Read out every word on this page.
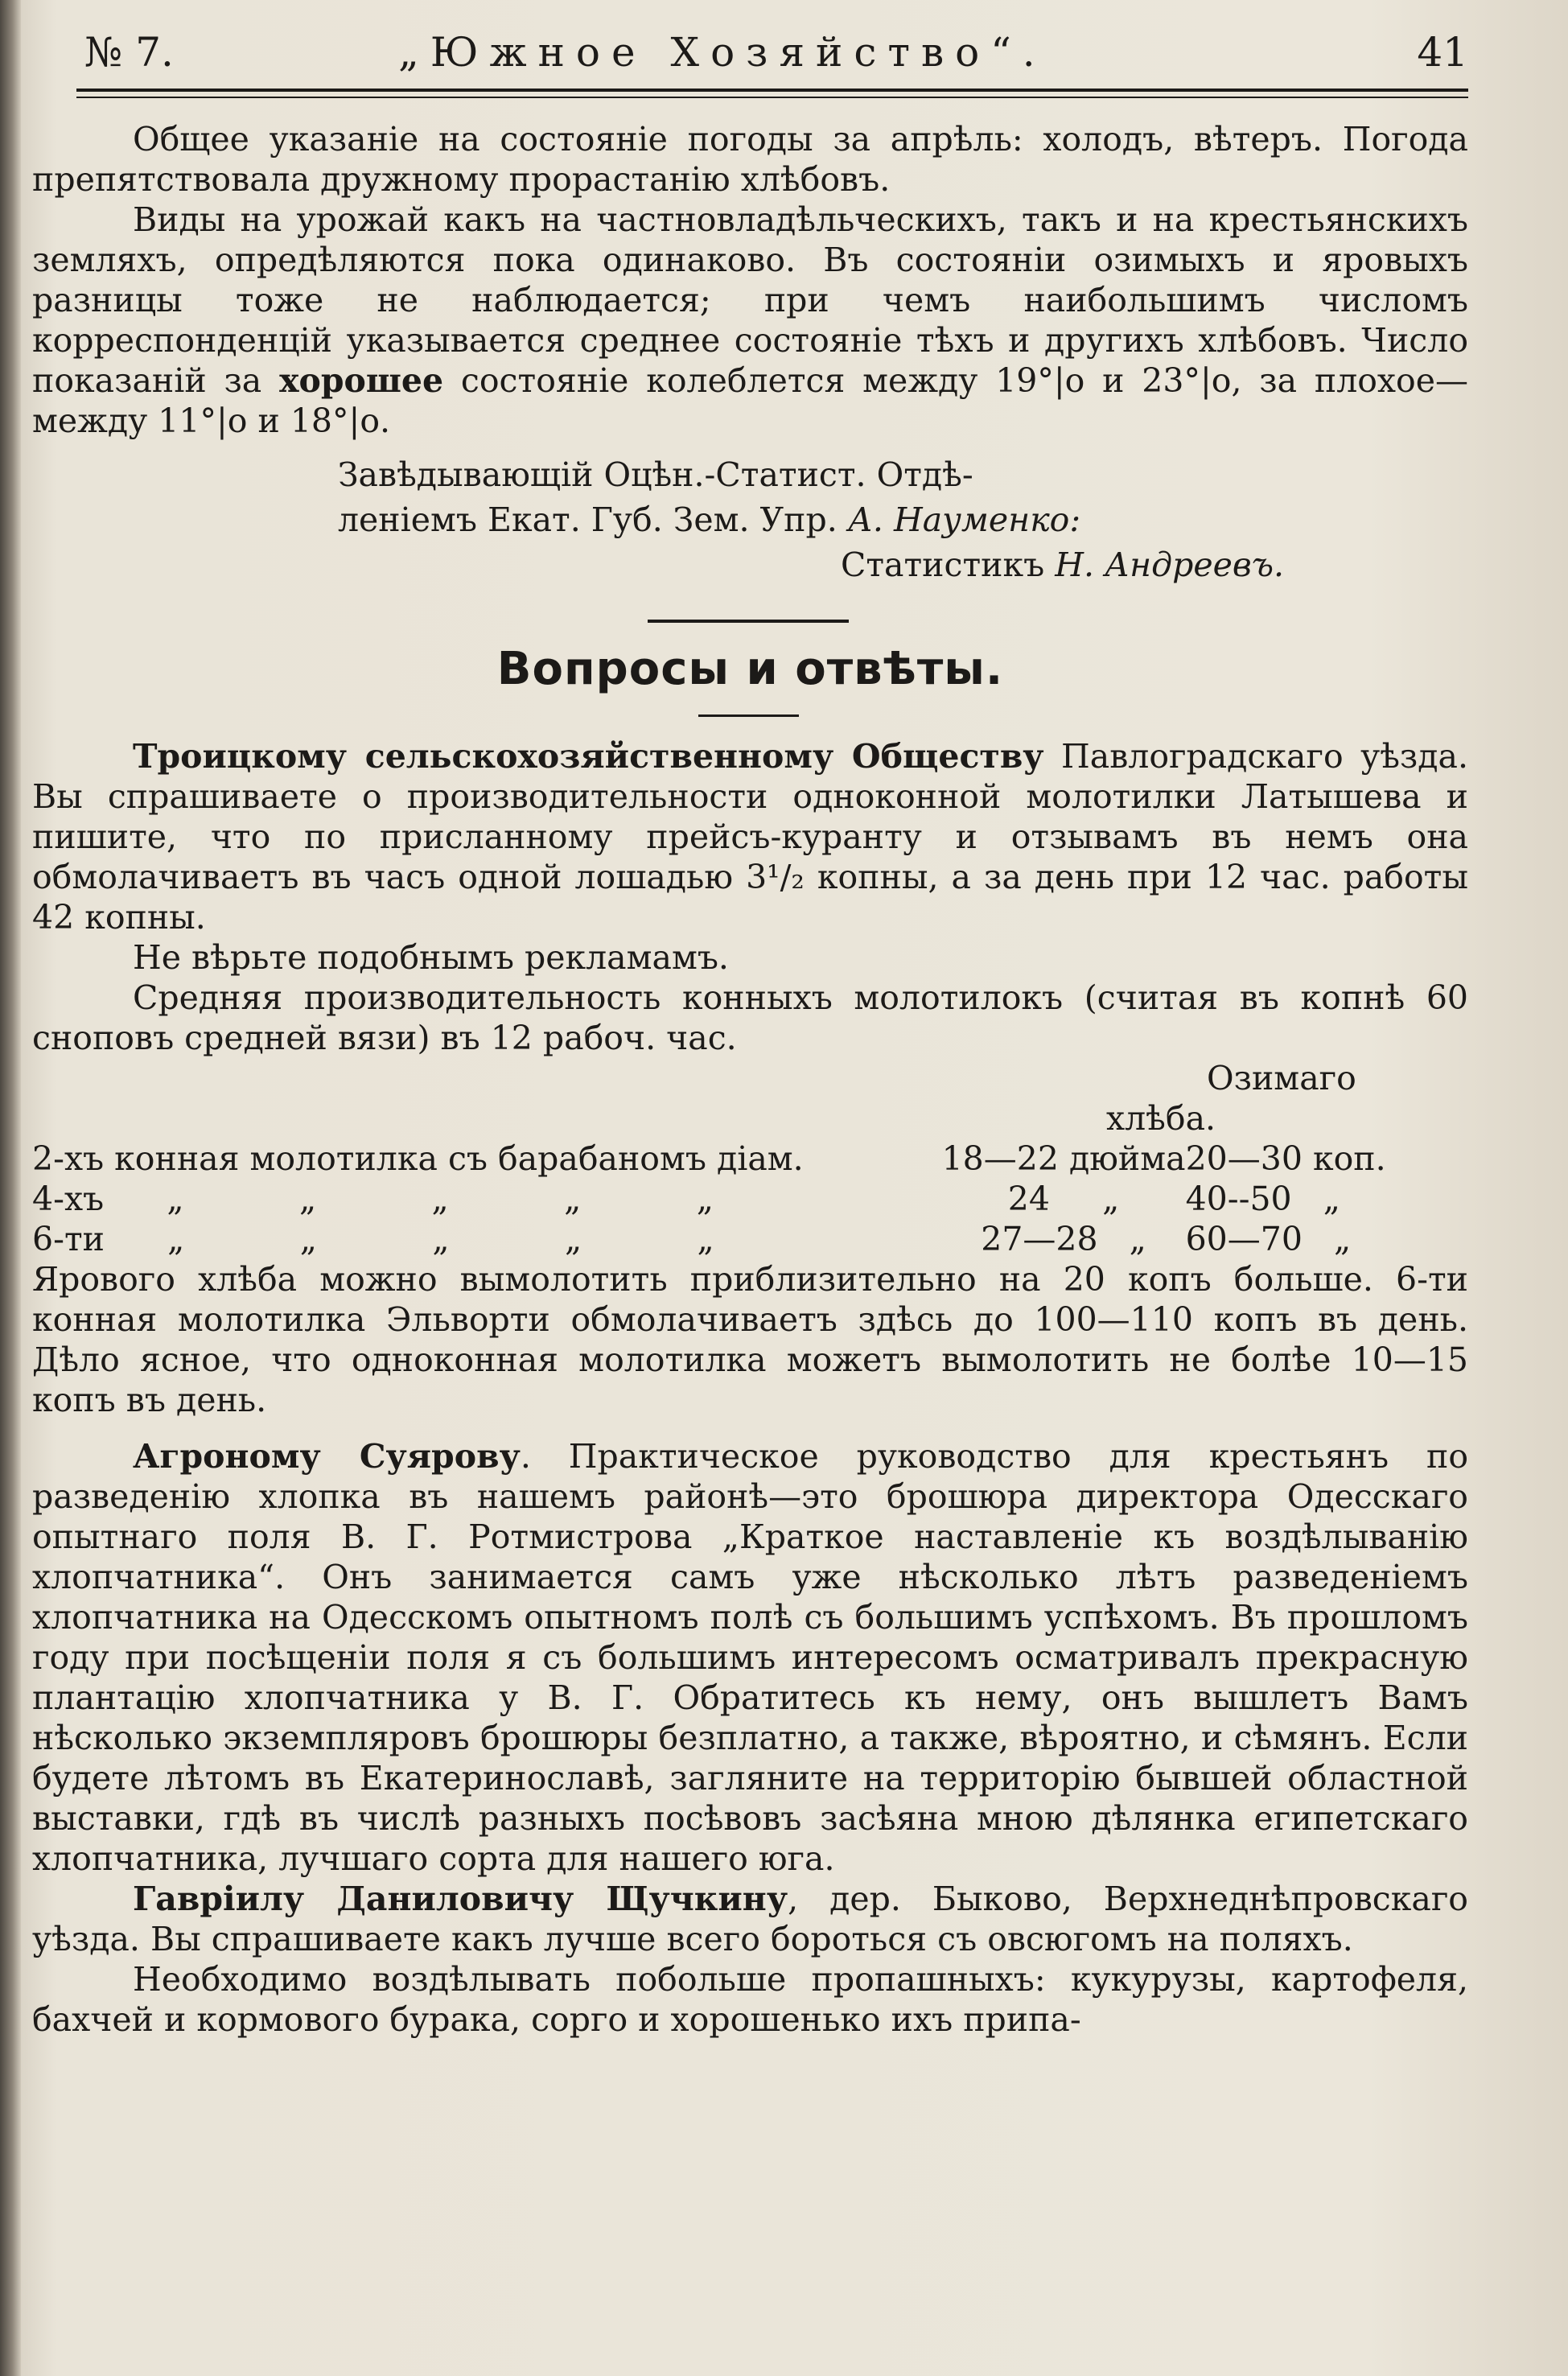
№ 7.	„Южное Хозяйство“.	41

Общее указаніе на состояніе погоды за апрѣль: холодъ, вѣтеръ. Погода препятствовала дружному прорастанію хлѣбовъ.

Виды на урожай какъ на частновладѣльческихъ, такъ и на крестьянскихъ земляхъ, опредѣляются пока одинаково. Въ состояніи озимыхъ и яровыхъ разницы тоже не наблюдается; при чемъ наибольшимъ числомъ корреспонденцій указывается среднее состояніе тѣхъ и другихъ хлѣбовъ. Число показаній за хорошее состояніе колеблется между 19°|о и 23°|о, за плохое—между 11°|о и 18°|о.

Завѣдывающій Оцѣн.-Статист. Отдѣ-

леніемъ Екат. Губ. Зем. Упр. А. Науменко:

Статистикъ Н. Андреевъ.

Вопросы и отвѣты.

Троицкому сельскохозяйственному Обществу Павлоградскаго уѣзда. Вы спрашиваете о производительности одноконной молотилки Латышева и пишите, что по присланному прейсъ-куранту и отзывамъ въ немъ она обмолачиваетъ въ часъ одной лошадью 3¹/₂ копны, а за день при 12 час. работы 42 копны.

Не вѣрьте подобнымъ рекламамъ.

Средняя производительность конныхъ молотилокъ (считая въ копнѣ 60 сноповъ средней вязи) въ 12 рабоч. час.

Озимаго хлѣба.

2-хъ конная молотилка съ барабаномъ діам.	18—22 дюйма	20—30 коп.
4-хъ      „           „           „           „           „	24     „	40--50   „
6-ти      „           „           „           „           „	27—28   „	60—70   „

Ярового хлѣба можно вымолотить приблизительно на 20 копъ больше. 6-ти конная молотилка Эльворти обмолачиваетъ здѣсь до 100—110 копъ въ день. Дѣло ясное, что одноконная молотилка можетъ вымолотить не болѣе 10—15 копъ въ день.

Агроному Суярову. Практическое руководство для крестьянъ по разведенію хлопка въ нашемъ районѣ—это брошюра директора Одесскаго опытнаго поля В. Г. Ротмистрова „Краткое наставленіе къ воздѣлыванію хлопчатника“. Онъ занимается самъ уже нѣсколько лѣтъ разведеніемъ хлопчатника на Одесскомъ опытномъ полѣ съ большимъ успѣхомъ. Въ прошломъ году при посѣщеніи поля я съ большимъ интересомъ осматривалъ прекрасную плантацію хлопчатника у В. Г. Обратитесь къ нему, онъ вышлетъ Вамъ нѣсколько экземпляровъ брошюры безплатно, а также, вѣроятно, и сѣмянъ. Если будете лѣтомъ въ Екатеринославѣ, загляните на территорію бывшей областной выставки, гдѣ въ числѣ разныхъ посѣвовъ засѣяна мною дѣлянка египетскаго хлопчатника, лучшаго сорта для нашего юга.

Гавріилу Даниловичу Щучкину, дер. Быково, Верхнеднѣпровскаго уѣзда. Вы спрашиваете какъ лучше всего бороться съ овсюгомъ на поляхъ.

Необходимо воздѣлывать побольше пропашныхъ: кукурузы, картофеля, бахчей и кормового бурака, сорго и хорошенько ихъ припа-
